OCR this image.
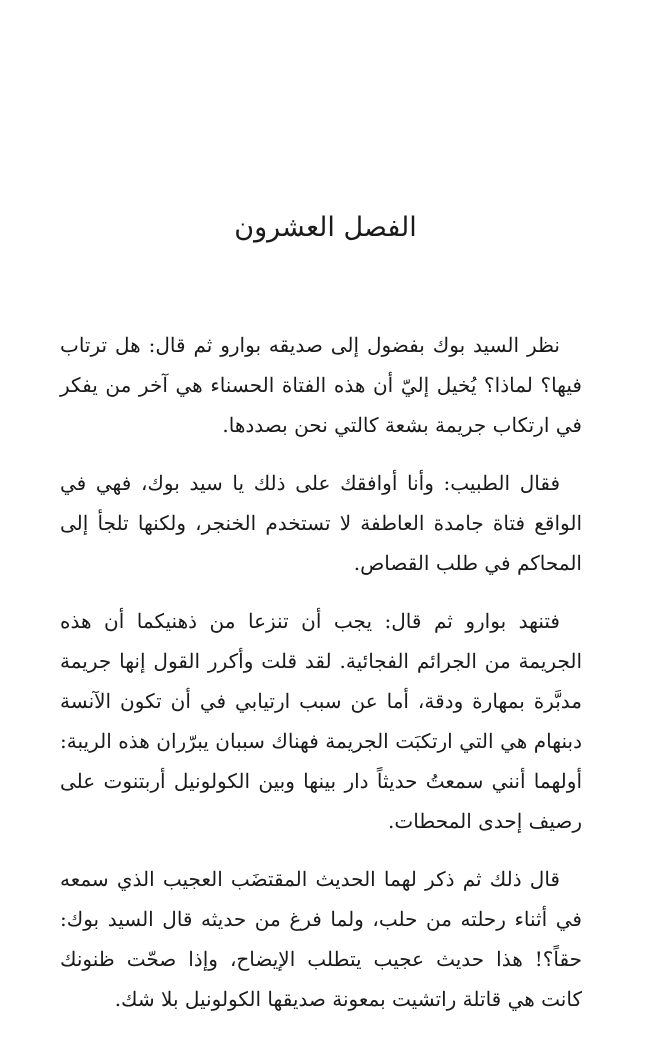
الفصل العشرون

نظر السيد بوك بفضول إلى صديقه بوارو ثم قال: هل ترتاب فيها؟ لماذا؟ يُخيل إليّ أن هذه الفتاة الحسناء هي آخر من يفكر في ارتكاب جريمة بشعة كالتي نحن بصددها.

فقال الطبيب: وأنا أوافقك على ذلك يا سيد بوك، فهي في الواقع فتاة جامدة العاطفة لا تستخدم الخنجر، ولكنها تلجأ إلى المحاكم في طلب القصاص.

فتنهد بوارو ثم قال: يجب أن تنزعا من ذهنيكما أن هذه الجريمة من الجرائم الفجائية. لقد قلت وأكرر القول إنها جريمة مدبَّرة بمهارة ودقة، أما عن سبب ارتيابي في أن تكون الآنسة دبنهام هي التي ارتكبَت الجريمة فهناك سببان يبرّران هذه الريبة: أولهما أنني سمعتُ حديثاً دار بينها وبين الكولونيل أربتنوت على رصيف إحدى المحطات.

قال ذلك ثم ذكر لهما الحديث المقتضَب العجيب الذي سمعه في أثناء رحلته من حلب، ولما فرغ من حديثه قال السيد بوك: حقاً؟! هذا حديث عجيب يتطلب الإيضاح، وإذا صحّت ظنونك كانت هي قاتلة راتشيت بمعونة صديقها الكولونيل بلا شك.
